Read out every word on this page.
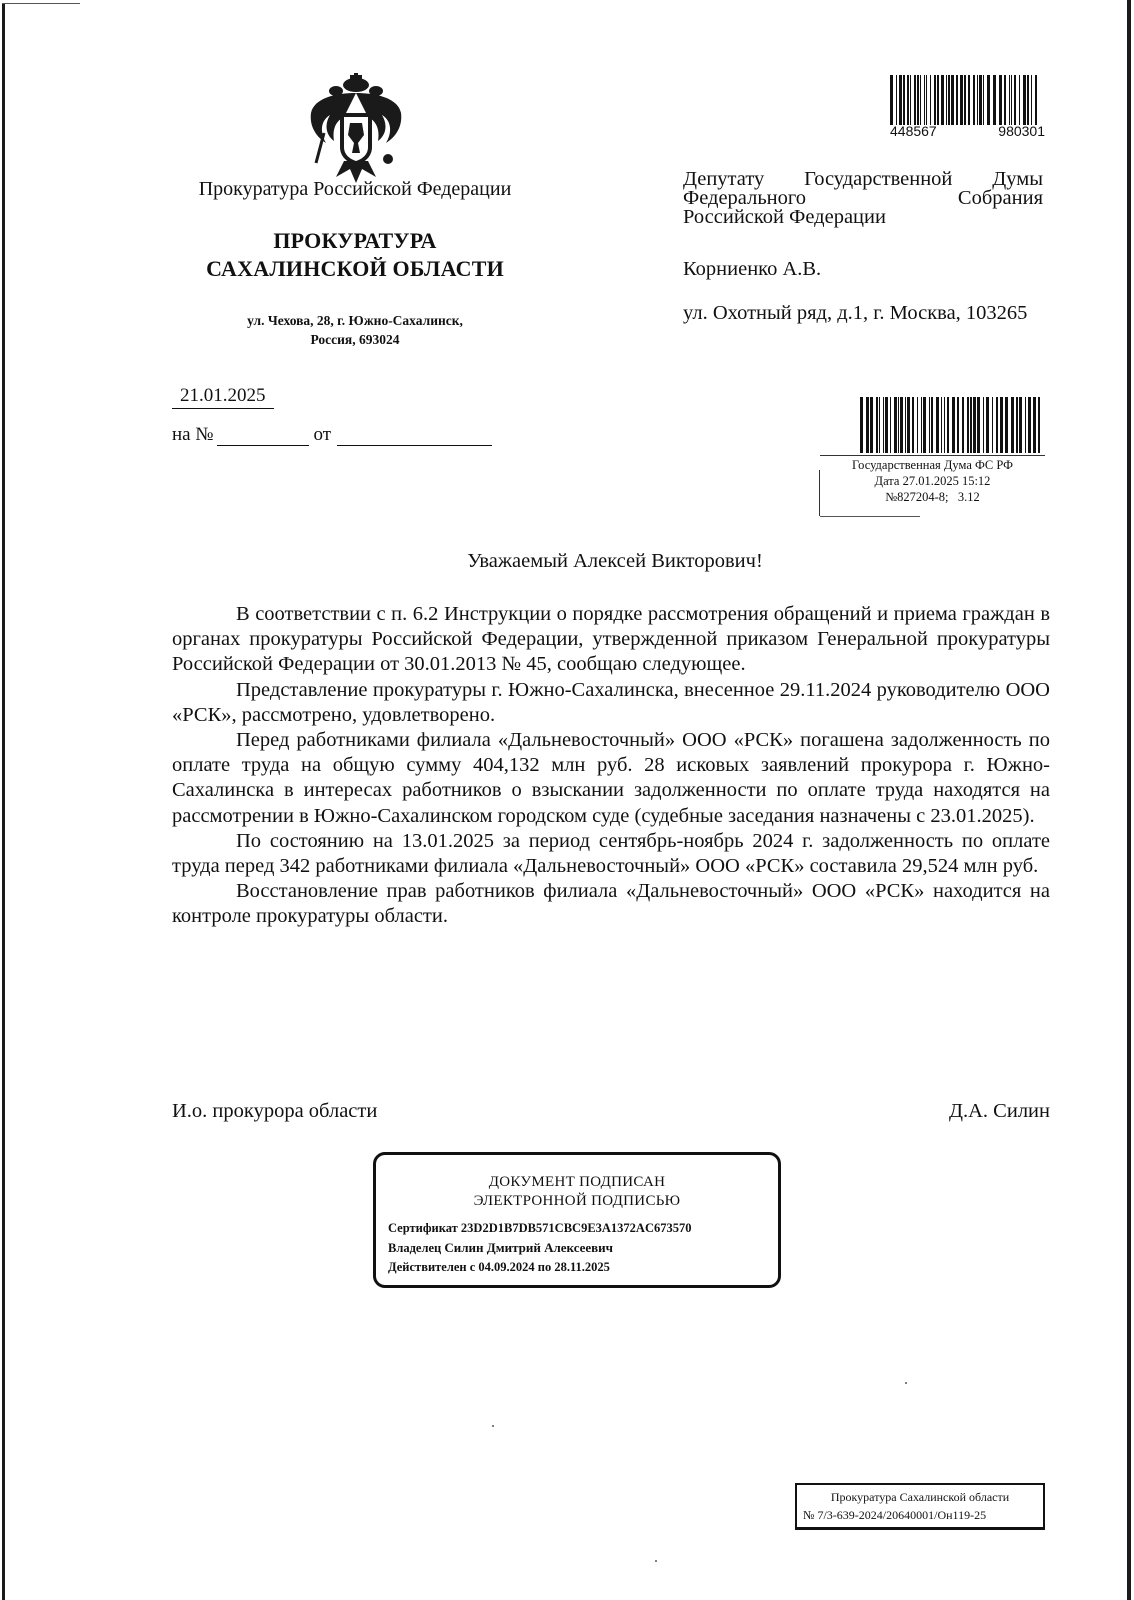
Прокуратура Российской Федерации
ПРОКУРАТУРА
САХАЛИНСКОЙ ОБЛАСТИ
ул. Чехова, 28, г. Южно-Сахалинск,
Россия, 693024
21.01.2025
на №	от
448567	980301
Депутату Государственной Думы
Федерального	Собрания
Российской Федерации
Корниенко А.В.
ул. Охотный ряд, д.1, г. Москва, 103265
Государственная Дума ФС РФ
Дата 27.01.2025 15:12
№827204-8;   3.12
Уважаемый Алексей Викторович!

В соответствии с п. 6.2 Инструкции о порядке рассмотрения обращений и приема граждан в органах прокуратуры Российской Федерации, утвержденной приказом Генеральной прокуратуры Российской Федерации от 30.01.2013 № 45, сообщаю следующее.

Представление прокуратуры г. Южно-Сахалинска, внесенное 29.11.2024 руководителю ООО «РСК», рассмотрено, удовлетворено.

Перед работниками филиала «Дальневосточный» ООО «РСК» погашена задолженность по оплате труда на общую сумму 404,132 млн руб. 28 исковых заявлений прокурора г. Южно-Сахалинска в интересах работников о взыскании задолженности по оплате труда находятся на рассмотрении в Южно-Сахалинском городском суде (судебные заседания назначены с 23.01.2025).

По состоянию на 13.01.2025 за период сентябрь-ноябрь 2024 г. задолженность по оплате труда перед 342 работниками филиала «Дальневосточный» ООО «РСК» составила 29,524 млн руб.

Восстановление прав работников филиала «Дальневосточный» ООО «РСК» находится на контроле прокуратуры области.

И.о. прокурора области	Д.А. Силин
ДОКУМЕНТ ПОДПИСАН
ЭЛЕКТРОННОЙ ПОДПИСЬЮ
Сертификат 23D2D1B7DB571CBC9E3A1372AC673570
Владелец Силин Дмитрий Алексеевич
Действителен с 04.09.2024 по 28.11.2025
Прокуратура Сахалинской области
№ 7/3-639-2024/20640001/Он119-25
